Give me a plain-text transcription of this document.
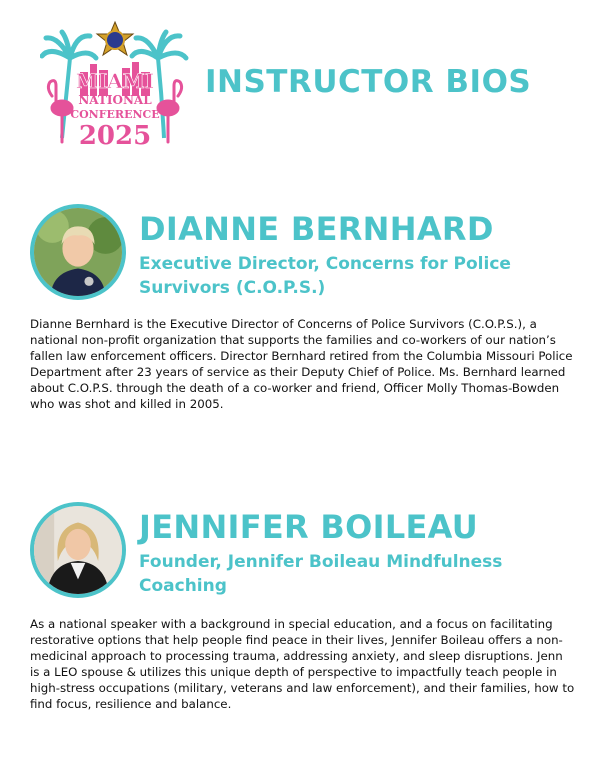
MIAMI
NATIONAL
CONFERENCE
2025
INSTRUCTOR BIOS
DIANNE BERNHARD

Executive Director, Concerns for Police Survivors (C.O.P.S.)

Dianne Bernhard is the Executive Director of Concerns of Police Survivors (C.O.P.S.), a national non-profit organization that supports the families and co-workers of our nation’s fallen law enforcement officers. Director Bernhard retired from the Columbia Missouri Police Department after 23 years of service as their Deputy Chief of Police. Ms. Bernhard learned about C.O.P.S. through the death of a co-worker and friend, Officer Molly Thomas-Bowden who was shot and killed in 2005.

JENNIFER BOILEAU

Founder, Jennifer Boileau Mindfulness Coaching

As a national speaker with a background in special education, and a focus on facilitating restorative options that help people find peace in their lives, Jennifer Boileau offers a non-medicinal approach to processing trauma, addressing anxiety, and sleep disruptions. Jenn is a LEO spouse & utilizes this unique depth of perspective to impactfully teach people in high-stress occupations (military, veterans and law enforcement), and their families, how to find focus, resilience and balance.
